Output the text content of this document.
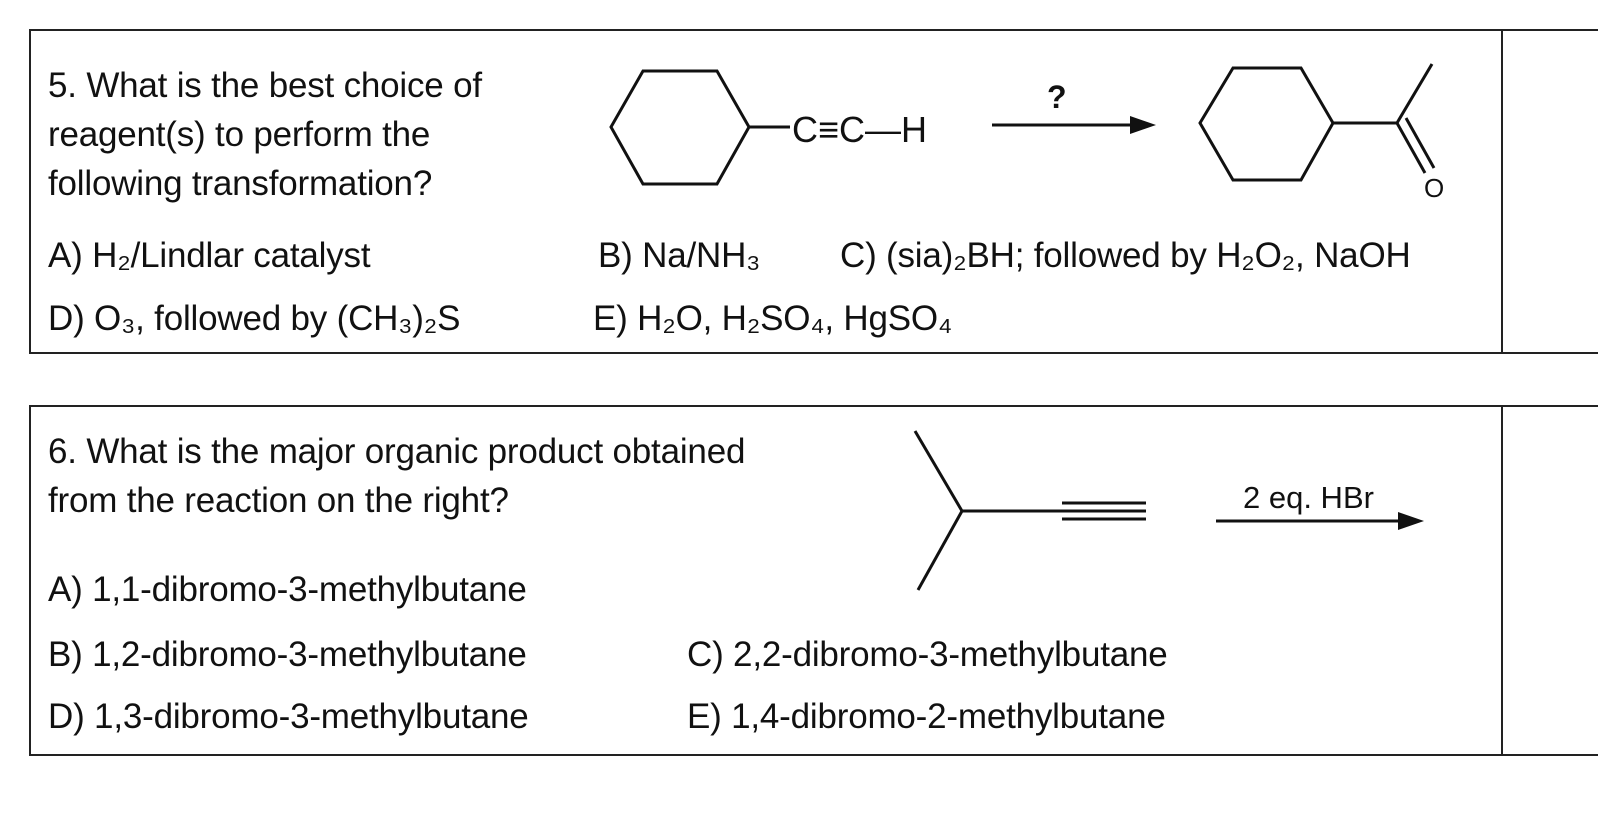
5. What is the best choice of
reagent(s) to perform the
following transformation?
C≡C—H
?
O
A) H₂/Lindlar catalyst	B) Na/NH₃ C) (sia)₂BH; followed by H₂O₂, NaOH
D) O₃, followed by (CH₃)₂S	E) H₂O, H₂SO₄, HgSO₄
6. What is the major organic product obtained
from the reaction on the right?	2 eq. HBr
A) 1,1-dibromo-3-methylbutane
B) 1,2-dibromo-3-methylbutane	C) 2,2-dibromo-3-methylbutane
D) 1,3-dibromo-3-methylbutane	E) 1,4-dibromo-2-methylbutane
